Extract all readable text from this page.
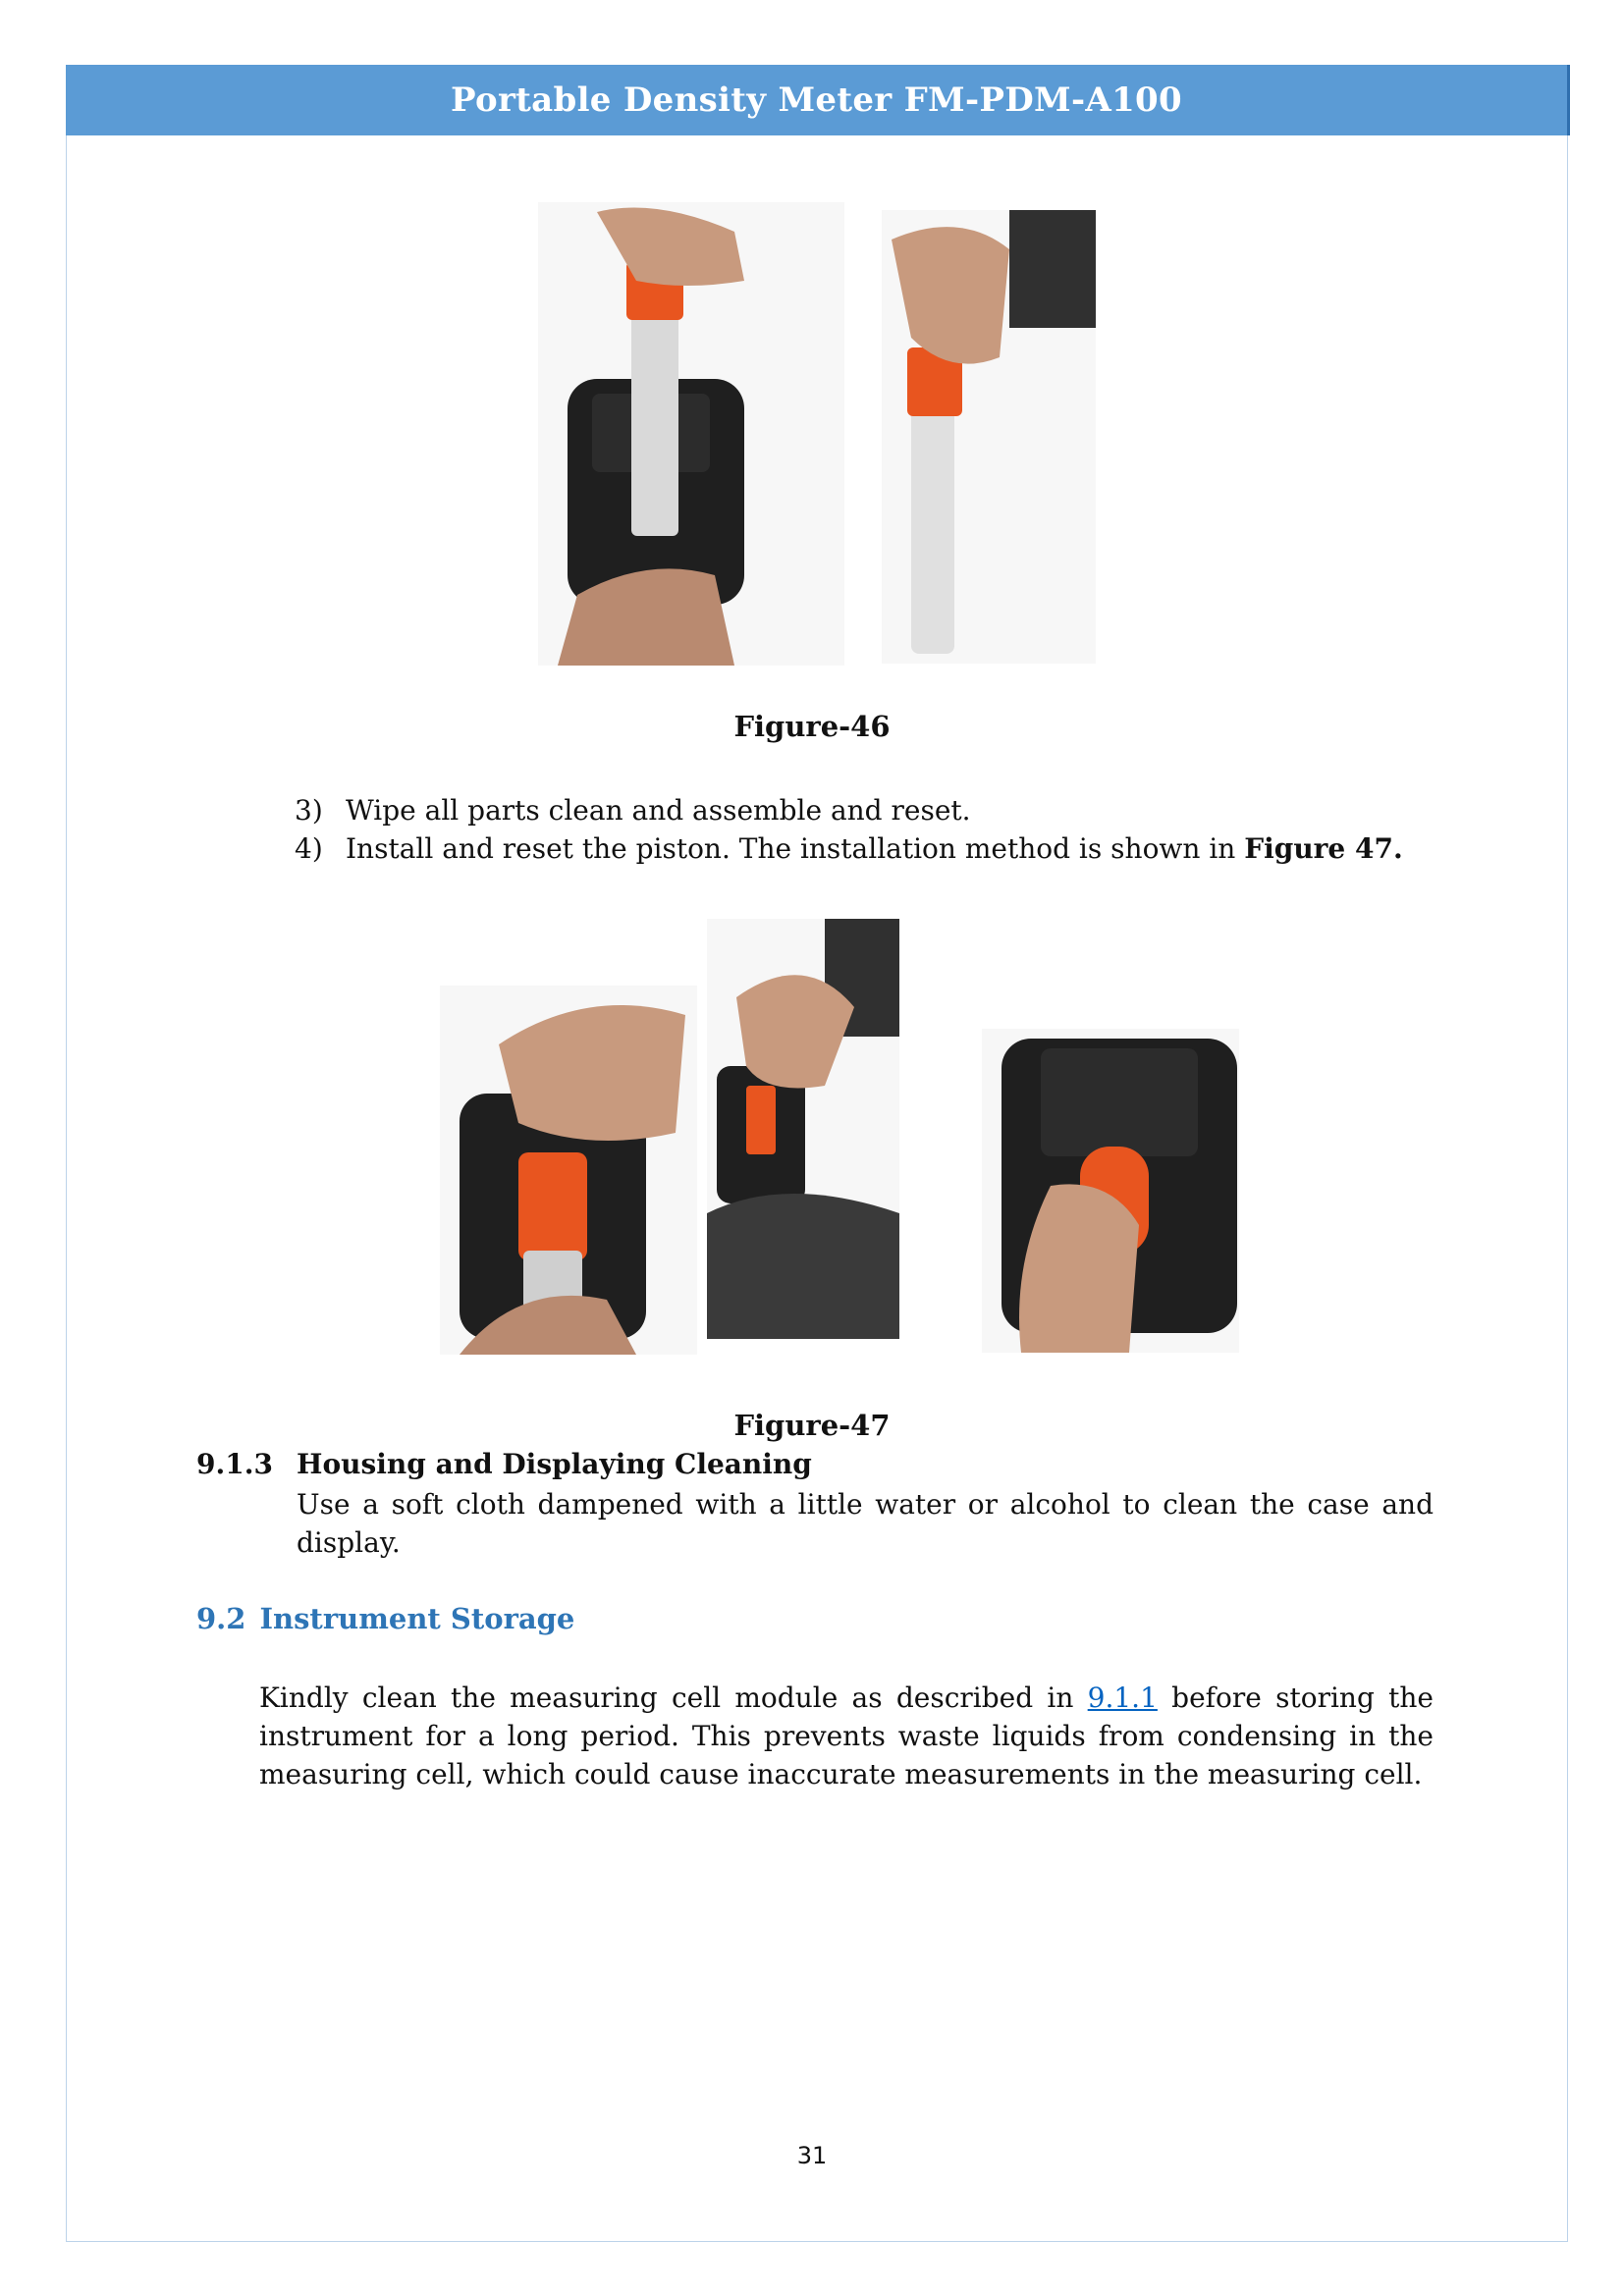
Portable Density Meter FM-PDM-A100
Figure-46
3) Wipe all parts clean and assemble and reset.
4) Install and reset the piston. The installation method is shown in Figure 47.
Figure-47
9.1.3 Housing and Displaying Cleaning
Use a soft cloth dampened with a little water or alcohol to clean the case and display.
9.2 Instrument Storage
Kindly clean the measuring cell module as described in 9.1.1 before storing the instrument for a long period. This prevents waste liquids from condensing in the measuring cell, which could cause inaccurate measurements in the measuring cell.
31
